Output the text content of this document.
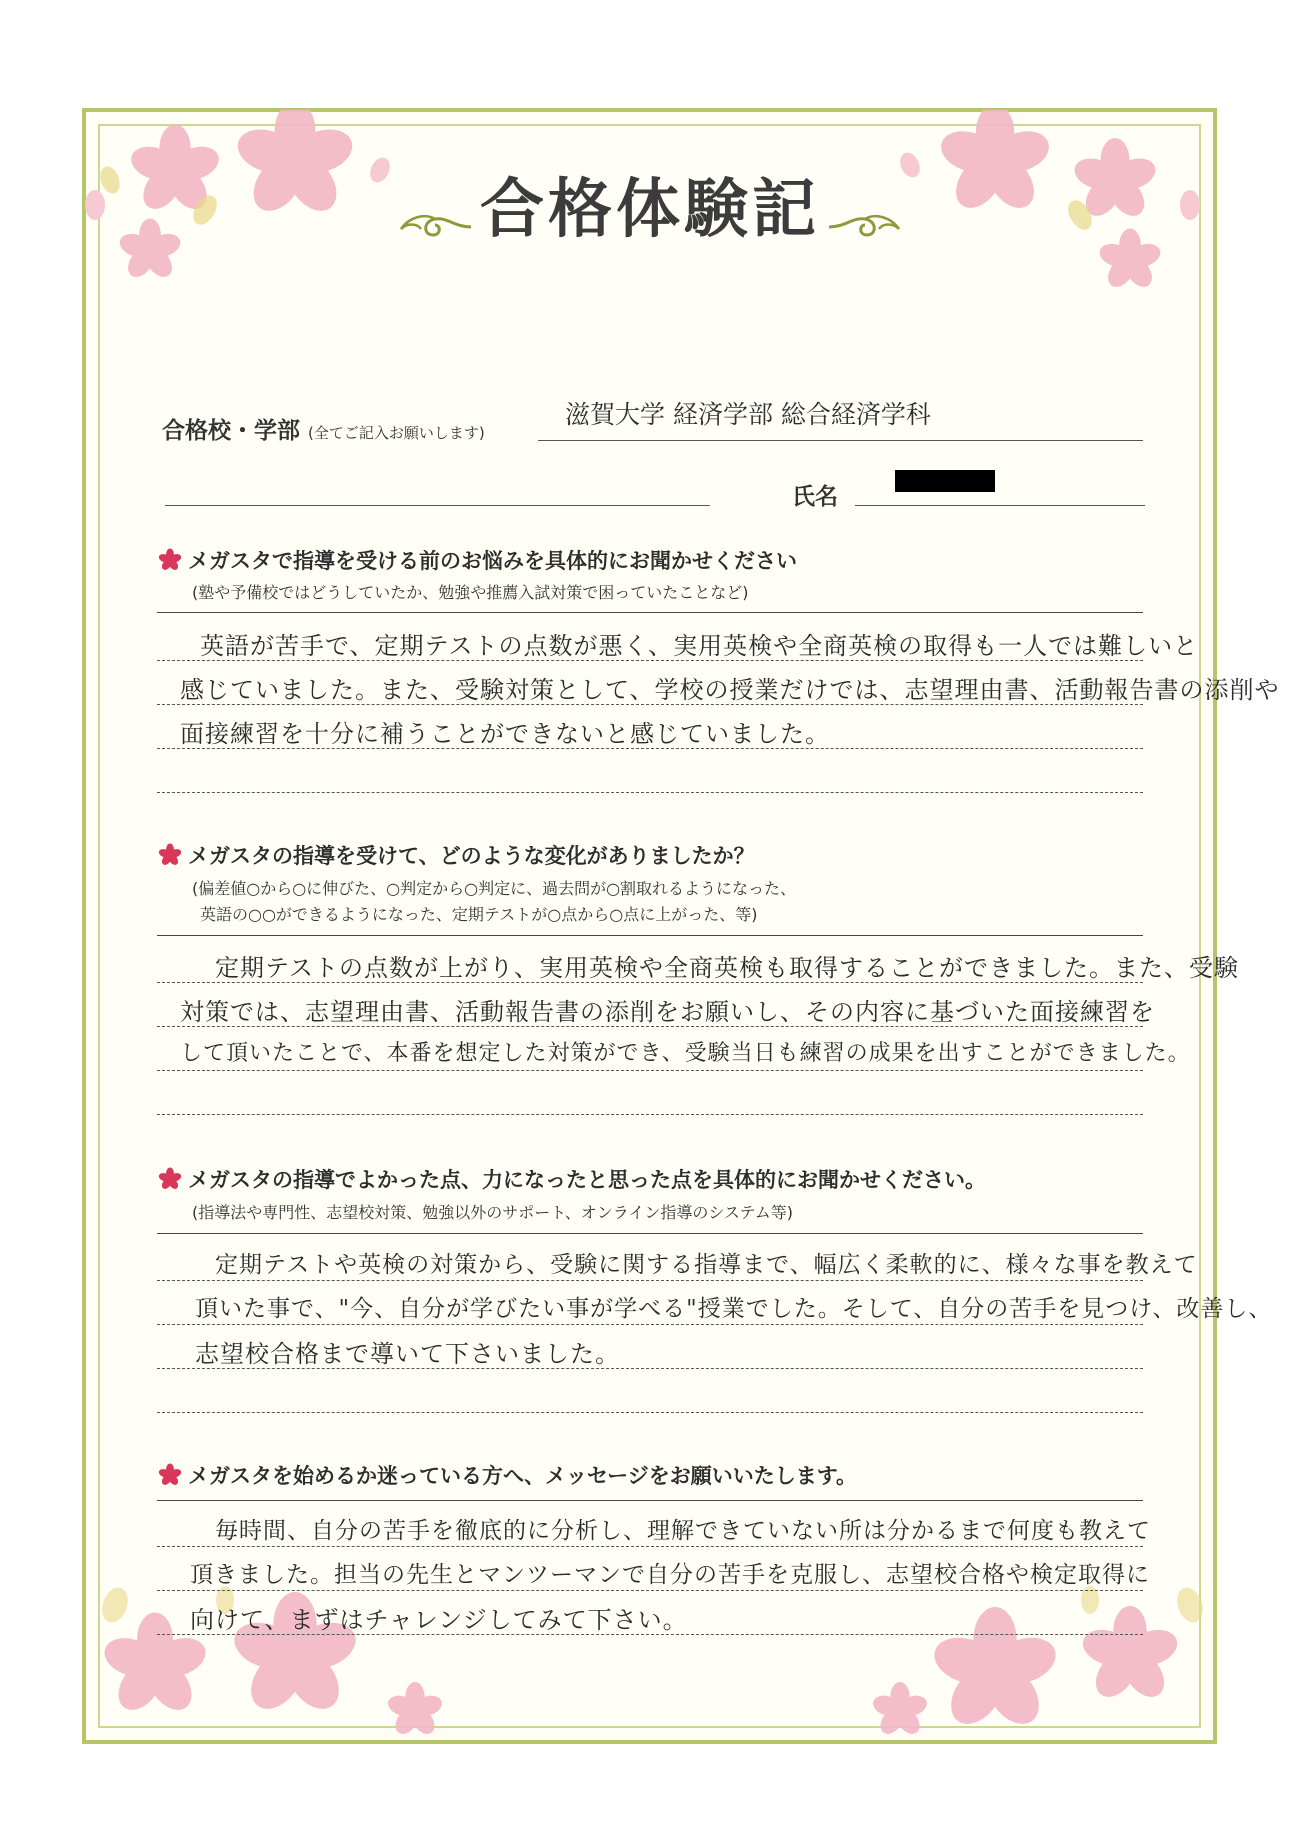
合格体験記
合格校・学部 (全てご記入お願いします)
滋賀大学 経済学部 総合経済学科
氏名
メガスタで指導を受ける前のお悩みを具体的にお聞かせください
(塾や予備校ではどうしていたか、勉強や推薦入試対策で困っていたことなど)
英語が苦手で、定期テストの点数が悪く、実用英検や全商英検の取得も一人では難しいと
感じていました。また、受験対策として、学校の授業だけでは、志望理由書、活動報告書の添削や
面接練習を十分に補うことができないと感じていました。
メガスタの指導を受けて、どのような変化がありましたか？
(偏差値○から○に伸びた、○判定から○判定に、過去問が○割取れるようになった、
英語の○○ができるようになった、定期テストが○点から○点に上がった、等)
定期テストの点数が上がり、実用英検や全商英検も取得することができました。また、受験
対策では、志望理由書、活動報告書の添削をお願いし、その内容に基づいた面接練習を
して頂いたことで、本番を想定した対策ができ、受験当日も練習の成果を出すことができました。
メガスタの指導でよかった点、力になったと思った点を具体的にお聞かせください。
(指導法や専門性、志望校対策、勉強以外のサポート、オンライン指導のシステム等)
定期テストや英検の対策から、受験に関する指導まで、幅広く柔軟的に、様々な事を教えて
頂いた事で、"今、自分が学びたい事が学べる"授業でした。そして、自分の苦手を見つけ、改善し、
志望校合格まで導いて下さいました。
メガスタを始めるか迷っている方へ、メッセージをお願いいたします。
毎時間、自分の苦手を徹底的に分析し、理解できていない所は分かるまで何度も教えて
頂きました。担当の先生とマンツーマンで自分の苦手を克服し、志望校合格や検定取得に
向けて、まずはチャレンジしてみて下さい。
